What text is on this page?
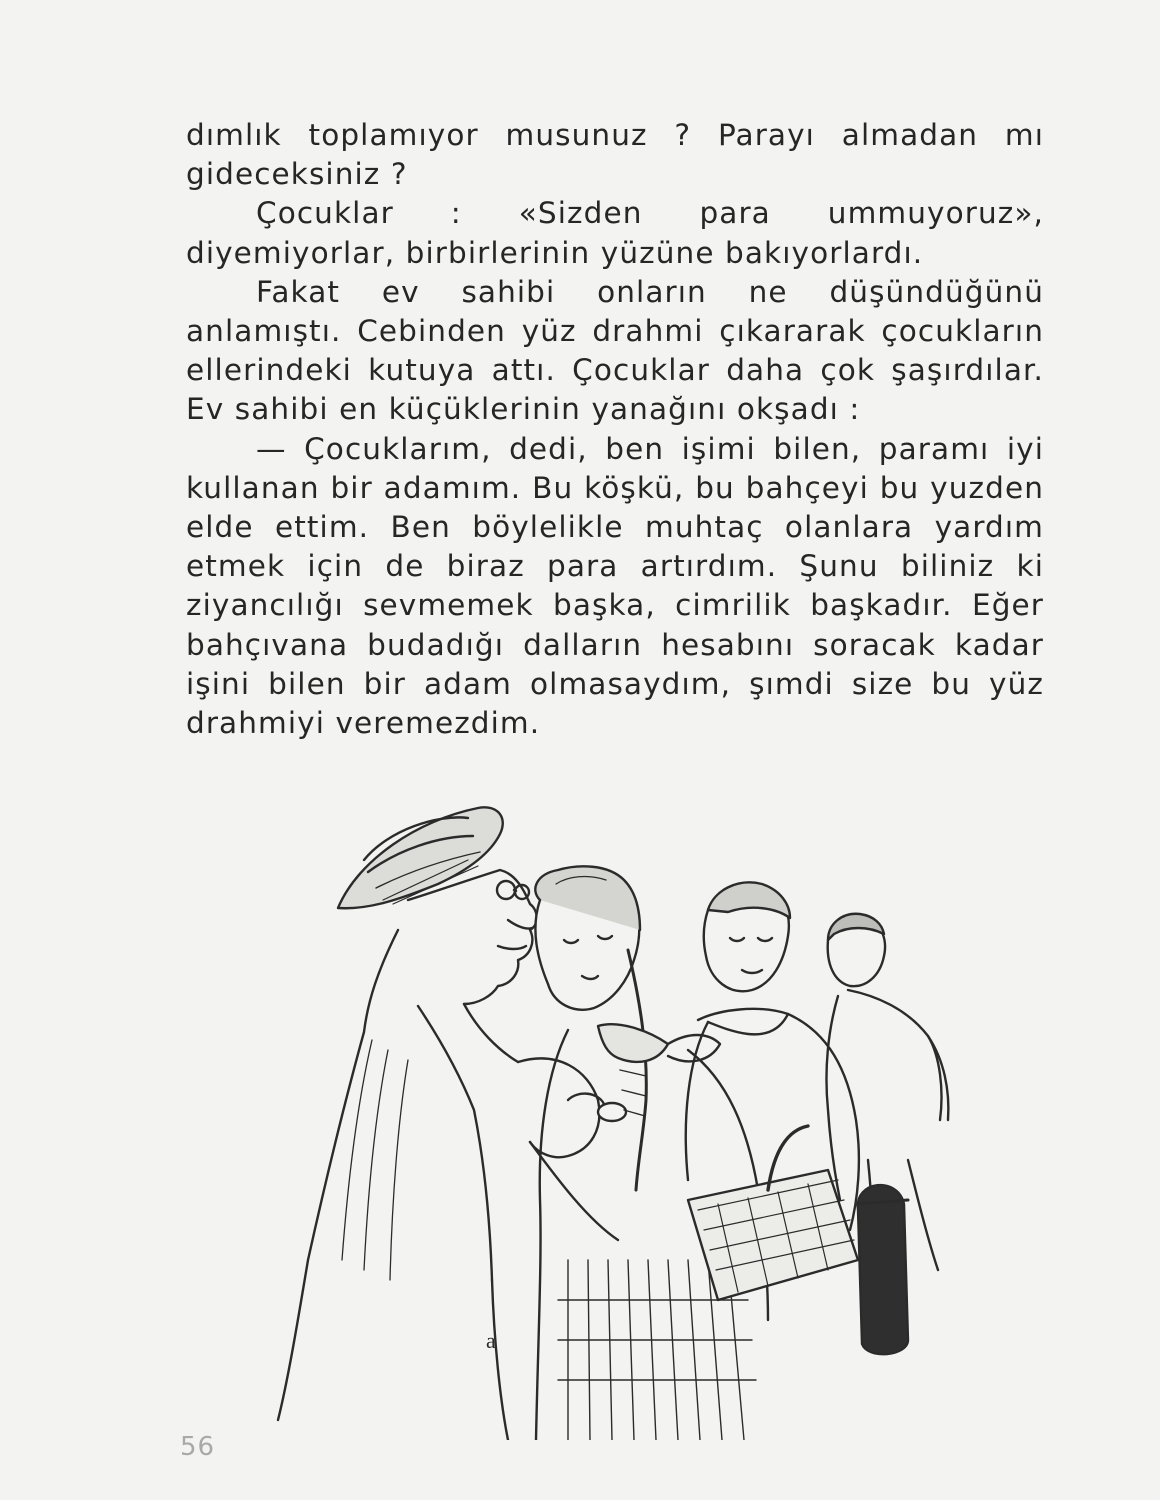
dımlık toplamıyor musunuz ? Parayı almadan mı gideceksiniz ?

Çocuklar : «Sizden para ummuyoruz», diyemiyorlar, birbirlerinin yüzüne bakıyorlardı.

Fakat ev sahibi onların ne düşündüğünü anlamıştı. Cebinden yüz drahmi çıkararak çocukların ellerindeki kutuya attı. Çocuklar daha çok şaşırdılar. Ev sahibi en küçüklerinin yanağını okşadı :

— Çocuklarım, dedi, ben işimi bilen, paramı iyi kullanan bir adamım. Bu köşkü, bu bahçeyi bu yuzden elde ettim. Ben böylelikle muhtaç olanlara yardım etmek için de biraz para artırdım. Şunu biliniz ki ziyancılığı sevmemek başka, cimrilik başkadır. Eğer bahçıvana budadığı dalların hesabını soracak kadar işini bilen bir adam olmasaydım, şımdi size bu yüz drahmiyi veremezdim.

a
56
